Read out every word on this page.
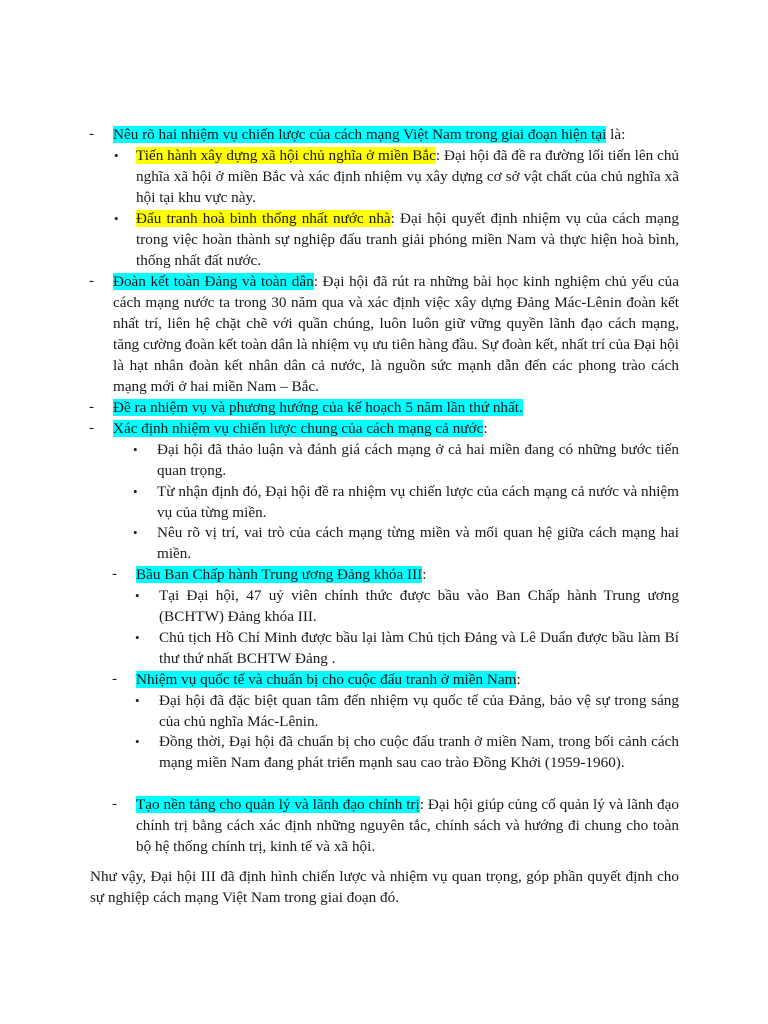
- Nêu rõ hai nhiệm vụ chiến lược của cách mạng Việt Nam trong giai đoạn hiện tại là:

• Tiến hành xây dựng xã hội chủ nghĩa ở miền Bắc: Đại hội đã đề ra đường lối tiến lên chủ nghĩa xã hội ở miền Bắc và xác định nhiệm vụ xây dựng cơ sở vật chất của chủ nghĩa xã hội tại khu vực này.

• Đấu tranh hoà bình thống nhất nước nhà: Đại hội quyết định nhiệm vụ của cách mạng trong việc hoàn thành sự nghiệp đấu tranh giải phóng miền Nam và thực hiện hoà bình, thống nhất đất nước.

- Đoàn kết toàn Đảng và toàn dân: Đại hội đã rút ra những bài học kinh nghiệm chủ yếu của cách mạng nước ta trong 30 năm qua và xác định việc xây dựng Đảng Mác-Lênin đoàn kết nhất trí, liên hệ chặt chẽ với quần chúng, luôn luôn giữ vững quyền lãnh đạo cách mạng, tăng cường đoàn kết toàn dân là nhiệm vụ ưu tiên hàng đầu. Sự đoàn kết, nhất trí của Đại hội là hạt nhân đoàn kết nhân dân cả nước, là nguồn sức mạnh dẫn đến các phong trào cách mạng mới ở hai miền Nam – Bắc.

- Đề ra nhiệm vụ và phương hướng của kế hoạch 5 năm lần thứ nhất.

- Xác định nhiệm vụ chiến lược chung của cách mạng cả nước:

• Đại hội đã thảo luận và đánh giá cách mạng ở cả hai miền đang có những bước tiến quan trọng.

• Từ nhận định đó, Đại hội đề ra nhiệm vụ chiến lược của cách mạng cả nước và nhiệm vụ của từng miền.

• Nêu rõ vị trí, vai trò của cách mạng từng miền và mối quan hệ giữa cách mạng hai miền.

- Bầu Ban Chấp hành Trung ương Đảng khóa III:

• Tại Đại hội, 47 uỷ viên chính thức được bầu vào Ban Chấp hành Trung ương (BCHTW) Đảng khóa III.

• Chủ tịch Hồ Chí Minh được bầu lại làm Chủ tịch Đảng và Lê Duẩn được bầu làm Bí thư thứ nhất BCHTW Đảng .

- Nhiệm vụ quốc tế và chuẩn bị cho cuộc đấu tranh ở miền Nam:

• Đại hội đã đặc biệt quan tâm đến nhiệm vụ quốc tế của Đảng, bảo vệ sự trong sáng của chủ nghĩa Mác-Lênin.

• Đồng thời, Đại hội đã chuẩn bị cho cuộc đấu tranh ở miền Nam, trong bối cảnh cách mạng miền Nam đang phát triển mạnh sau cao trào Đồng Khởi (1959-1960).

- Tạo nền tảng cho quản lý và lãnh đạo chính trị: Đại hội giúp củng cố quản lý và lãnh đạo chính trị bằng cách xác định những nguyên tắc, chính sách và hướng đi chung cho toàn bộ hệ thống chính trị, kinh tế và xã hội.

Như vậy, Đại hội III đã định hình chiến lược và nhiệm vụ quan trọng, góp phần quyết định cho sự nghiệp cách mạng Việt Nam trong giai đoạn đó.
